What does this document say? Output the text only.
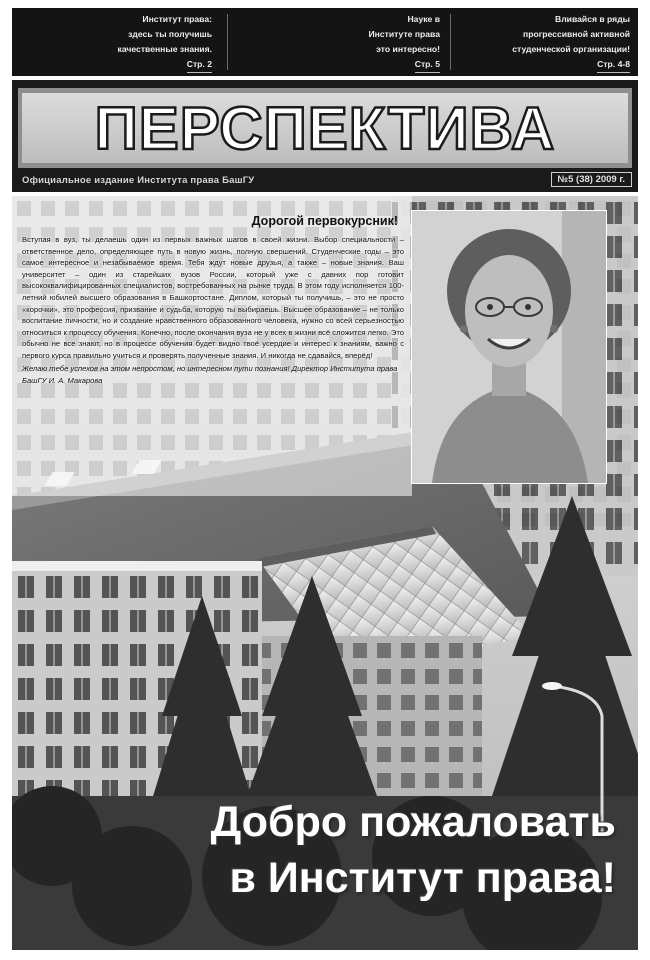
Институт права:
здесь ты получишь
качественные знания.
Стр. 2
Науке в
Институте права
это интересно!
Стр. 5
Вливайся в ряды
прогрессивной активной
студенческой организации!
Стр. 4-8
ПЕРСПЕКТИВА
Официальное издание Института права БашГУ	№5 (38) 2009 г.
Дорогой первокурсник!
Вступая в вуз, ты делаешь один из первых важных шагов в своей жизни. Выбор специальности – ответственное дело, определяющее путь в новую жизнь, полную свершений. Студенческие годы – это самое интересное и незабываемое время. Тебя ждут новые друзья, а также – новые знания. Ваш университет – один из старейших вузов России, который уже с давних пор готовит высококвалифицированных специалистов, востребованных на рынке труда. В этом году исполняется 100-летний юбилей высшего образования в Башкортостане. Диплом, который ты получишь, – это не просто «корочки», это профессия, призвание и судьба, которую ты выбираешь. Высшее образование – не только воспитание личности, но и создание нравственного образованного человека, нужно со всей серьезностью относиться к процессу обучения. Конечно, после окончания вуза не у всех в жизни всё сложится легко. Это обычно не все знают, но в процессе обучения будет видно твоё усердие и интерес к знаниям, важно с первого курса правильно учиться и проверять полученные знания. И никогда не сдавайся, вперёд!
Желаю тебе успехов на этом непростом, но интересном пути познания! Директор Института права БашГУ И. А. Макарова
Добро пожаловать
в Институт права!
